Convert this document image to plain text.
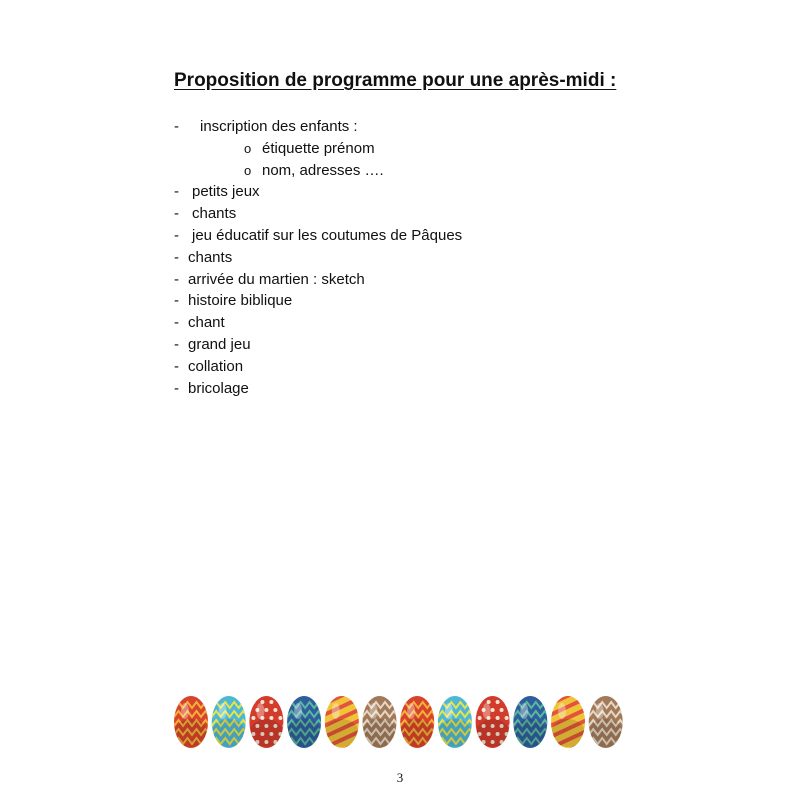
Proposition de programme pour une après-midi :
- inscription des enfants :
o étiquette prénom
o nom, adresses ….
- petits jeux
- chants
- jeu éducatif sur les coutumes de Pâques
- chants
- arrivée du martien : sketch
- histoire biblique
- chant
- grand jeu
- collation
- bricolage
3
